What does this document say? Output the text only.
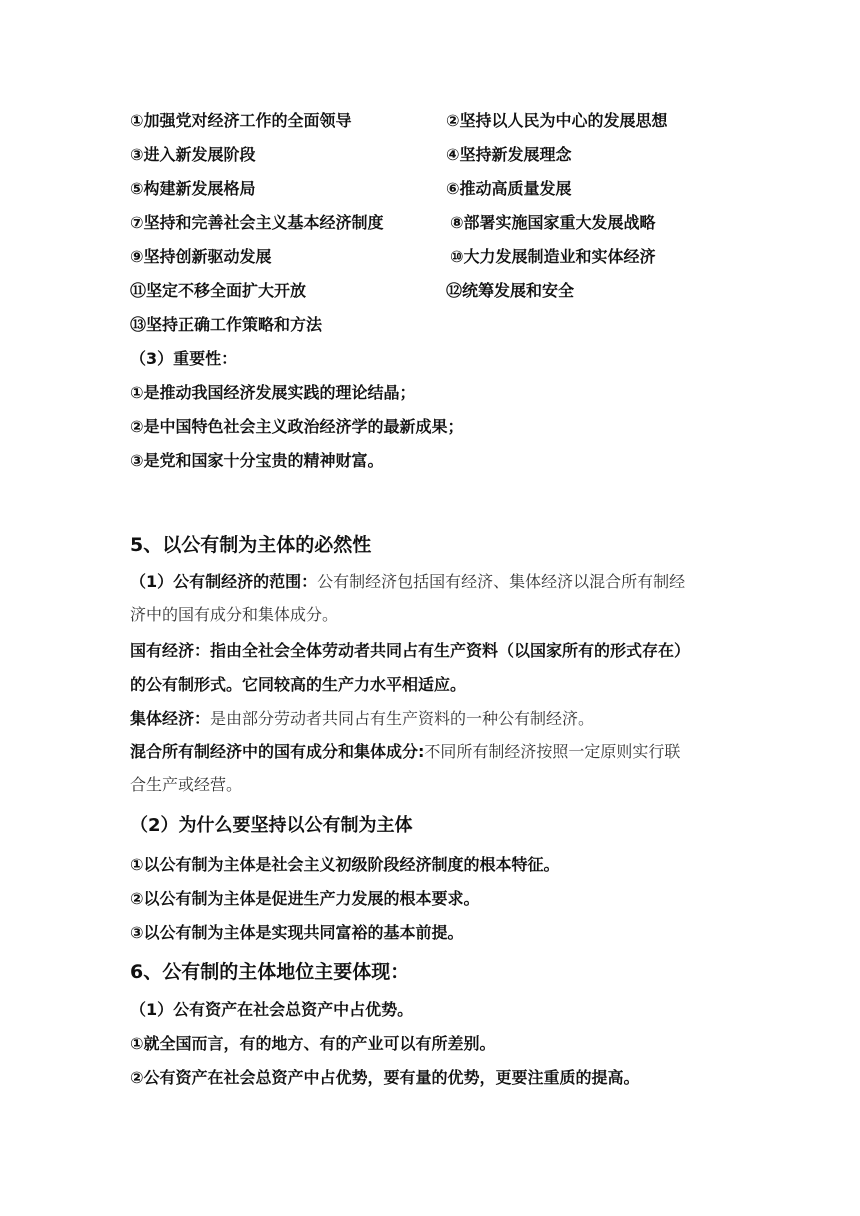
①加强党对经济工作的全面领导	②坚持以人民为中心的发展思想
③进入新发展阶段	④坚持新发展理念
⑤构建新发展格局	⑥推动高质量发展
⑦坚持和完善社会主义基本经济制度	⑧部署实施国家重大发展战略
⑨坚持创新驱动发展	⑩大力发展制造业和实体经济
⑪坚定不移全面扩大开放	⑫统筹发展和安全
⑬坚持正确工作策略和方法
（3）重要性：
①是推动我国经济发展实践的理论结晶；
②是中国特色社会主义政治经济学的最新成果；
③是党和国家十分宝贵的精神财富。
5、以公有制为主体的必然性
（1）公有制经济的范围：公有制经济包括国有经济、集体经济以混合所有制经
济中的国有成分和集体成分。
国有经济：指由全社会全体劳动者共同占有生产资料（以国家所有的形式存在）
的公有制形式。它同较高的生产力水平相适应。
集体经济：是由部分劳动者共同占有生产资料的一种公有制经济。
混合所有制经济中的国有成分和集体成分:不同所有制经济按照一定原则实行联
合生产或经营。
（2）为什么要坚持以公有制为主体
①以公有制为主体是社会主义初级阶段经济制度的根本特征。
②以公有制为主体是促进生产力发展的根本要求。
③以公有制为主体是实现共同富裕的基本前提。
6、公有制的主体地位主要体现：
（1）公有资产在社会总资产中占优势。
①就全国而言，有的地方、有的产业可以有所差别。
②公有资产在社会总资产中占优势，要有量的优势，更要注重质的提高。
